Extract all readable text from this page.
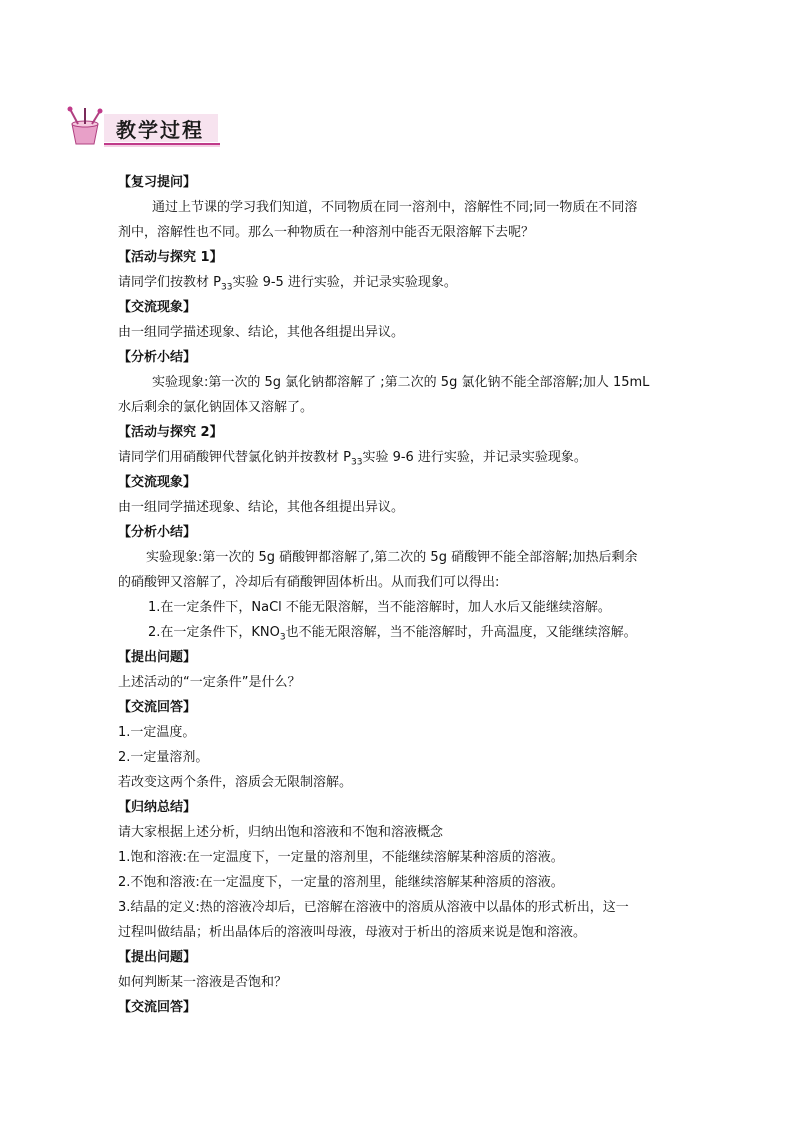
教学过程
【复习提问】
通过上节课的学习我们知道，不同物质在同一溶剂中，溶解性不同;同一物质在不同溶
剂中，溶解性也不同。那么一种物质在一种溶剂中能否无限溶解下去呢？
【活动与探究 1】
请同学们按教材 $P_{33}$实验 9-5 进行实验，并记录实验现象。
【交流现象】
由一组同学描述现象、结论，其他各组提出异议。
【分析小结】
实验现象:第一次的 5g 氯化钠都溶解了 ;第二次的 5g 氯化钠不能全部溶解;加人 15mL
水后剩余的氯化钠固体又溶解了。
【活动与探究 2】
请同学们用硝酸钾代替氯化钠并按教材 $P_{33}$实验 9-6 进行实验，并记录实验现象。
【交流现象】
由一组同学描述现象、结论，其他各组提出异议。
【分析小结】
实验现象:第一次的 5g 硝酸钾都溶解了,第二次的 5g 硝酸钾不能全部溶解;加热后剩余
的硝酸钾又溶解了，冷却后有硝酸钾固体析出。从而我们可以得出:
1.在一定条件下，NaCl 不能无限溶解，当不能溶解时，加人水后又能继续溶解。
2.在一定条件下，$KNO_3$也不能无限溶解，当不能溶解时，升高温度，又能继续溶解。
【提出问题】
上述活动的“一定条件”是什么？
【交流回答】
1.一定温度。
2.一定量溶剂。
若改变这两个条件，溶质会无限制溶解。
【归纳总结】
请大家根据上述分析，归纳出饱和溶液和不饱和溶液概念
1.饱和溶液:在一定温度下，一定量的溶剂里，不能继续溶解某种溶质的溶液。
2.不饱和溶液:在一定温度下，一定量的溶剂里，能继续溶解某种溶质的溶液。
3.结晶的定义:热的溶液冷却后，已溶解在溶液中的溶质从溶液中以晶体的形式析出，这一
过程叫做结晶；析出晶体后的溶液叫母液，母液对于析出的溶质来说是饱和溶液。
【提出问题】
如何判断某一溶液是否饱和？
【交流回答】
